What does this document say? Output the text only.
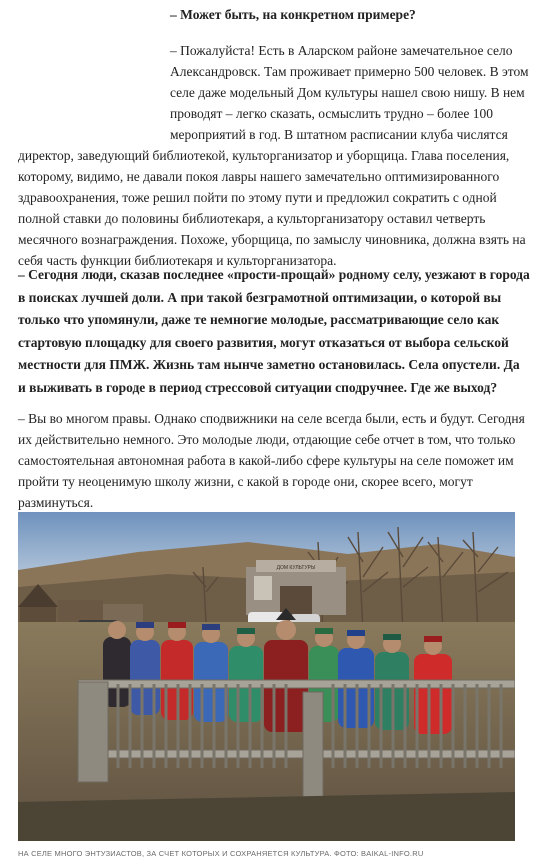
– Может быть, на конкретном примере?

– Пожалуйста! Есть в Аларском районе замечательное село Александровск. Там проживает примерно 500 человек. В этом селе даже модельный Дом культуры нашел свою нишу. В нем проводят – легко сказать, осмыслить трудно – более 100 мероприятий в год. В штатном расписании клуба числятся директор, заведующий библиотекой, культорганизатор и уборщица. Глава поселения, которому, видимо, не давали покоя лавры нашего замечательно оптимизированного здравоохранения, тоже решил пойти по этому пути и предложил сократить с одной полной ставки до половины библиотекаря, а культорганизатору оставил четверть месячного вознаграждения. Похоже, уборщица, по замыслу чиновника, должна взять на себя часть функции библиотекаря и культорганизатора.

– Сегодня люди, сказав последнее «прости-прощай» родному селу, уезжают в города в поисках лучшей доли. А при такой безграмотной оптимизации, о которой вы только что упомянули, даже те немногие молодые, рассматривающие село как стартовую площадку для своего развития, могут отказаться от выбора сельской местности для ПМЖ. Жизнь там нынче заметно остановилась. Села опустели. Да и выживать в городе в период стрессовой ситуации сподручнее. Где же выход?

– Вы во многом правы. Однако сподвижники на селе всегда были, есть и будут. Сегодня их действительно немного. Это молодые люди, отдающие себе отчет в том, что только самостоятельная автономная работа в какой-либо сфере культуры на селе поможет им пройти ту неоценимую школу жизни, с какой в городе они, скорее всего, могут разминуться.

ДОМ КУЛЬТУРЫ

НА СЕЛЕ МНОГО ЭНТУЗИАСТОВ, ЗА СЧЕТ КОТОРЫХ И СОХРАНЯЕТСЯ КУЛЬТУРА. ФОТО: BAIKAL-INFO.RU
